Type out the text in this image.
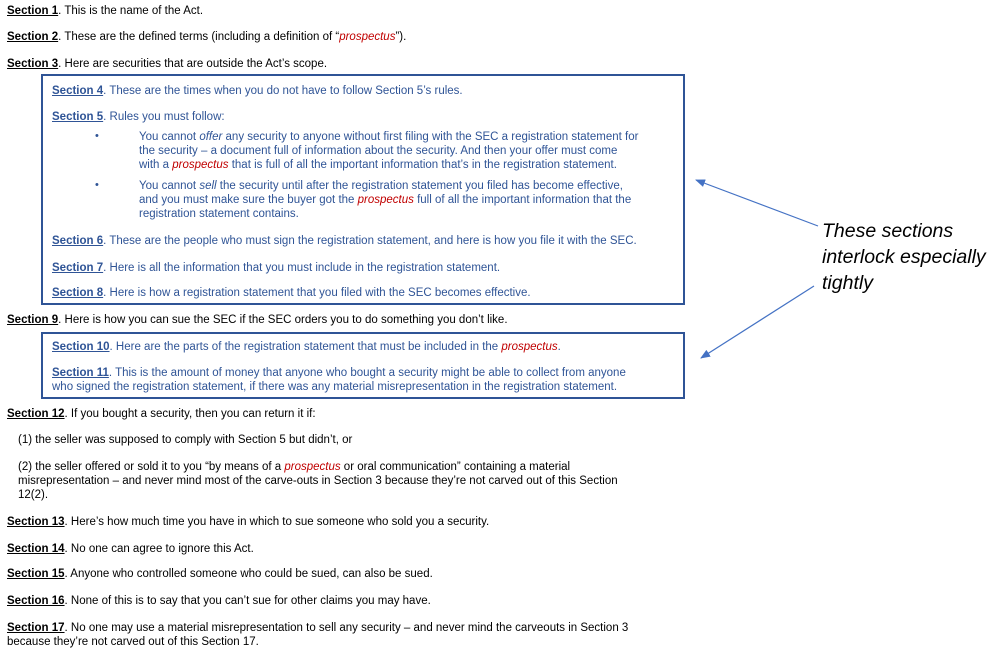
Section 1. This is the name of the Act.
Section 2. These are the defined terms (including a definition of “prospectus”).
Section 3. Here are securities that are outside the Act’s scope.
Section 4. These are the times when you do not have to follow Section 5’s rules.
Section 5. Rules you must follow:
•	You cannot offer any security to anyone without first filing with the SEC a registration statement for
the security – a document full of information about the security. And then your offer must come
with a prospectus that is full of all the important information that’s in the registration statement.
•	You cannot sell the security until after the registration statement you filed has become effective,
and you must make sure the buyer got the prospectus full of all the important information that the
registration statement contains.
Section 6. These are the people who must sign the registration statement, and here is how you file it with the SEC.
Section 7. Here is all the information that you must include in the registration statement.
Section 8. Here is how a registration statement that you filed with the SEC becomes effective.
Section 9. Here is how you can sue the SEC if the SEC orders you to do something you don’t like.
Section 10. Here are the parts of the registration statement that must be included in the prospectus.
Section 11. This is the amount of money that anyone who bought a security might be able to collect from anyone
who signed the registration statement, if there was any material misrepresentation in the registration statement.
Section 12. If you bought a security, then you can return it if:
(1) the seller was supposed to comply with Section 5 but didn’t, or
(2) the seller offered or sold it to you “by means of a prospectus or oral communication” containing a material
misrepresentation – and never mind most of the carve-outs in Section 3 because they’re not carved out of this Section
12(2).
Section 13. Here’s how much time you have in which to sue someone who sold you a security.
Section 14. No one can agree to ignore this Act.
Section 15. Anyone who controlled someone who could be sued, can also be sued.
Section 16. None of this is to say that you can’t sue for other claims you may have.
Section 17. No one may use a material misrepresentation to sell any security – and never mind the carveouts in Section 3
because they’re not carved out of this Section 17.
These sections
interlock especially
tightly
